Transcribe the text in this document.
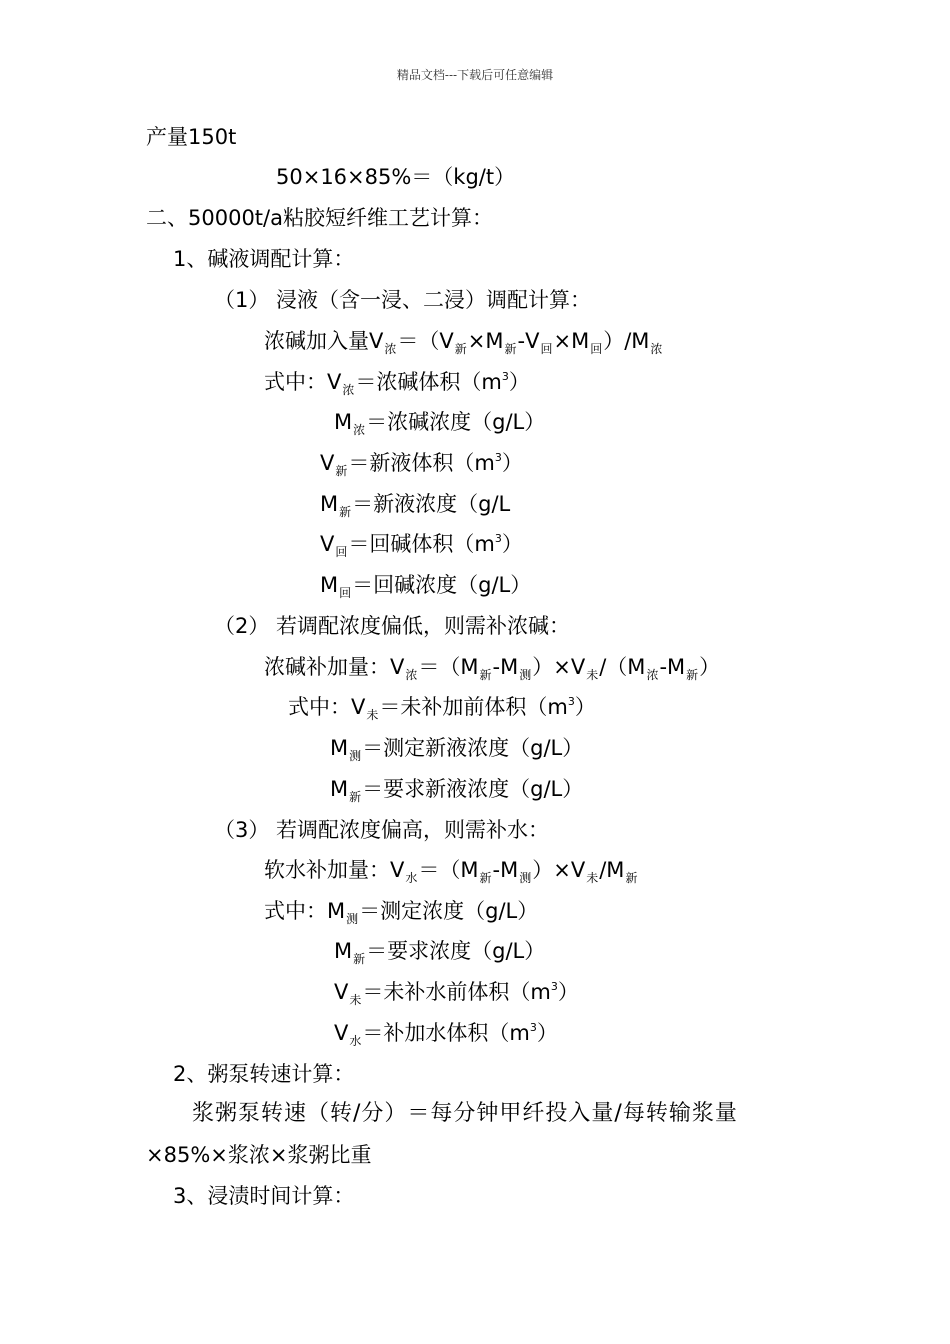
精品文档---下载后可任意编辑
产量150t
50×16×85%＝（kg/t）
二、50000t/a粘胶短纤维工艺计算：
1、碱液调配计算：
（1） 浸液（含一浸、二浸）调配计算：
浓碱加入量$V_浓=(V_新\times M_新-V_回\times M_回)/M_浓$
式中：$V_浓=$浓碱体积$(m^3)$
$M_浓=$浓碱浓度（g/L）
$V_新=$新液体积$(m^3)$
$M_新=$新液浓度（g/L
$V_回=$回碱体积$(m^3)$
$M_回=$回碱浓度（g/L）
（2） 若调配浓度偏低，则需补浓碱：
浓碱补加量：$V_浓=(M_新-M_测)\times V_未/(M_浓-M_新)$
式中：$V_未=$未补加前体积$(m^3)$
$M_测=$测定新液浓度（g/L）
$M_新=$要求新液浓度（g/L）
（3） 若调配浓度偏高，则需补水：
软水补加量：$V_水=(M_新-M_测)\times V_未/M_新$
式中：$M_测=$测定浓度（g/L）
$M_新=$要求浓度（g/L）
$V_未=$未补水前体积$(m^3)$
$V_水=$补加水体积$(m^3)$
2、粥泵转速计算：
浆粥泵转速（转/分）＝每分钟甲纤投入量/每转输浆量
×85%×浆浓×浆粥比重
3、浸渍时间计算：
